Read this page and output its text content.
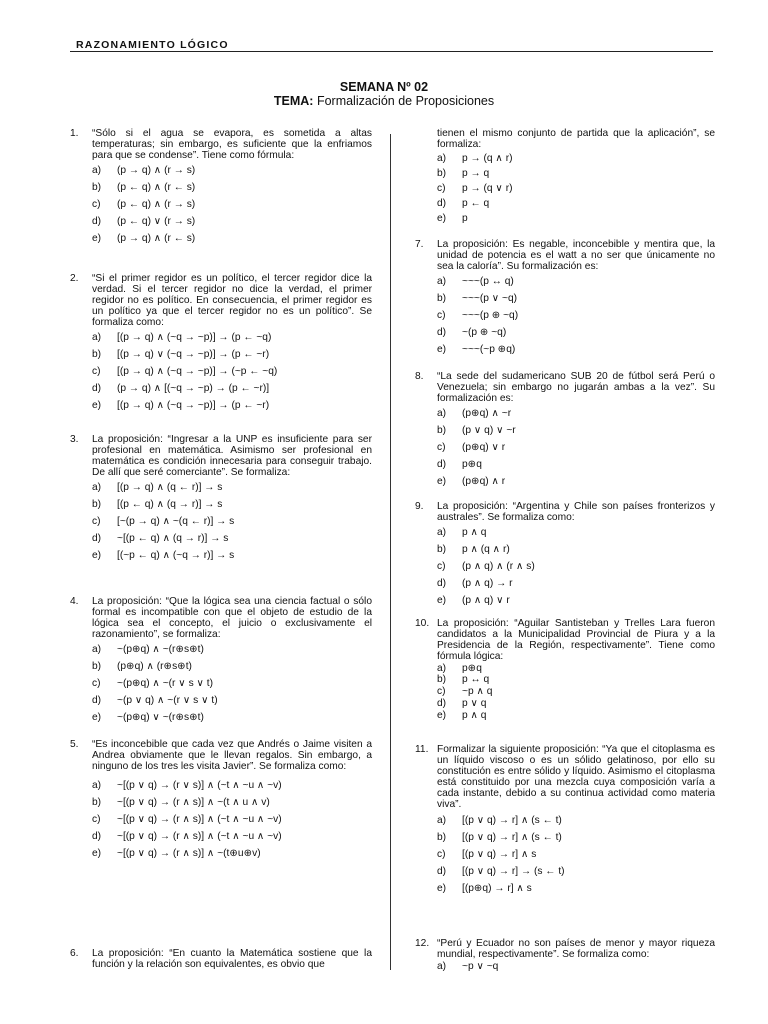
RAZONAMIENTO LÓGICO
SEMANA Nº 02
TEMA: Formalización de Proposiciones
1. “Sólo si el agua se evapora, es sometida a altas temperaturas; sin embargo, es suficiente que la enfriamos para que se condense”. Tiene como fórmula:
a) (p → q) ∧ (r → s)
b) (p ← q) ∧ (r ← s)
c) (p ← q) ∧ (r → s)
d) (p ← q) ∨ (r → s)
e) (p → q) ∧ (r ← s)
2. “Si el primer regidor es un político, el tercer regidor dice la verdad. Si el tercer regidor no dice la verdad, el primer regidor no es político. En consecuencia, el primer regidor es un político ya que el tercer regidor no es un político”. Se formaliza como:
a) [(p → q) ∧ (~q → ~p)] → (p ← ~q)
b) [(p → q) ∨ (~q → ~p)] → (p ← ~r)
c) [(p → q) ∧ (~q → ~p)] → (~p ← ~q)
d) (p → q) ∧ [(~q → ~p) → (p ← ~r)]
e) [(p → q) ∧ (~q → ~p)] → (p ← ~r)
3. La proposición: “Ingresar a la UNP es insuficiente para ser profesional en matemática. Asimismo ser profesional en matemática es condición innecesaria para conseguir trabajo. De allí que seré comerciante”. Se formaliza:
a) [(p → q) ∧ (q ← r)] → s
b) [(p ← q) ∧ (q → r)] → s
c) [~(p → q) ∧ ~(q ← r)] → s
d) ~[(p ← q) ∧ (q → r)] → s
e) [(~p ← q) ∧ (~q → r)] → s
4. La proposición: “Que la lógica sea una ciencia factual o sólo formal es incompatible con que el objeto de estudio de la lógica sea el concepto, el juicio o exclusivamente el razonamiento”, se formaliza:
a) ~(p⊕q) ∧ ~(r⊕s⊕t)
b) (p⊕q) ∧ (r⊕s⊕t)
c) ~(p⊕q) ∧ ~(r ∨ s ∨ t)
d) ~(p ∨ q) ∧ ~(r ∨ s ∨ t)
e) ~(p⊕q) ∨ ~(r⊕s⊕t)
5. “Es inconcebible que cada vez que Andrés o Jaime visiten a Andrea obviamente que le llevan regalos. Sin embargo, a ninguno de los tres les visita Javier”. Se formaliza como:
a) ~[(p ∨ q) → (r ∨ s)] ∧ (~t ∧ ~u ∧ ~v)
b) ~[(p ∨ q) → (r ∧ s)] ∧ ~(t ∧ u ∧ v)
c) ~[(p ∨ q) → (r ∧ s)] ∧ (~t ∧ ~u ∧ ~v)
d) ~[(p ∨ q) → (r ∧ s)] ∧ (~t ∧ ~u ∧ ~v)
e) ~[(p ∨ q) → (r ∧ s)] ∧ ~(t⊕u⊕v)
6. La proposición: “En cuanto la Matemática sostiene que la función y la relación son equivalentes, es obvio que
tienen el mismo conjunto de partida que la aplicación”, se formaliza:
a) p → (q ∧ r)
b) p → q
c) p → (q ∨ r)
d) p ← q
e) p
7. La proposición: Es negable, inconcebible y mentira que, la unidad de potencia es el watt a no ser que únicamente no sea la caloría”. Su formalización es:
a) ~~~(p ↔ q)
b) ~~~(p ∨ ~q)
c) ~~~(p ⊕ ~q)
d) ~(p ⊕ ~q)
e) ~~~(~p ⊕q)
8. “La sede del sudamericano SUB 20 de fútbol será Perú o Venezuela; sin embargo no jugarán ambas a la vez”. Su formalización es:
a) (p⊕q) ∧ ~r
b) (p ∨ q) ∨ ~r
c) (p⊕q) ∨ r
d) p⊕q
e) (p⊕q) ∧ r
9. La proposición: “Argentina y Chile son países fronterizos y australes”. Se formaliza como:
a) p ∧ q
b) p ∧ (q ∧ r)
c) (p ∧ q) ∧ (r ∧ s)
d) (p ∧ q) → r
e) (p ∧ q) ∨ r
10. La proposición: “Aguilar Santisteban y Trelles Lara fueron candidatos a la Municipalidad Provincial de Piura y a la Presidencia de la Región, respectivamente”. Tiene como fórmula lógica:
a) p⊕q
b) p ↔ q
c) ~p ∧ q
d) p ∨ q
e) p ∧ q
11. Formalizar la siguiente proposición: “Ya que el citoplasma es un líquido viscoso o es un sólido gelatinoso, por ello su constitución es entre sólido y líquido. Asimismo el citoplasma está constituido por una mezcla cuya composición varía a cada instante, debido a su continua actividad como materia viva”.
a) [(p ∨ q) → r] ∧ (s ← t)
b) [(p ∨ q) → r] ∧ (s ← t)
c) [(p ∨ q) → r] ∧ s
d) [(p ∨ q) → r] → (s ← t)
e) [(p⊕q) → r] ∧ s
12. “Perú y Ecuador no son países de menor y mayor riqueza mundial, respectivamente”. Se formaliza como:
a) ~p ∨ ~q
